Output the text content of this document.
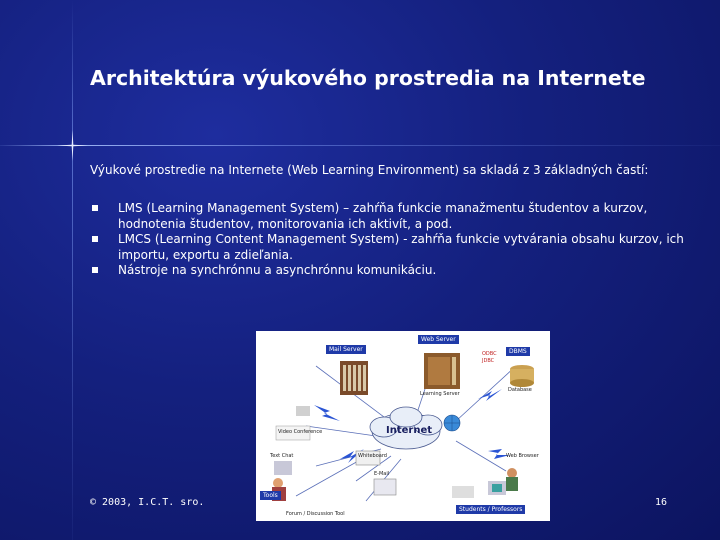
Architektúra výukového prostredia na Internete

Výukové prostredie na Internete (Web Learning Environment) sa skladá z 3 základných častí:

LMS (Learning Management System) – zahŕňa funkcie manažmentu študentov a kurzov, hodnotenia študentov, monitorovania ich aktivít, a pod.
LMCS (Learning Content Management System) - zahŕňa funkcie vytvárania obsahu kurzov, ich importu, exportu a zdieľania.
Nástroje na synchrónnu a asynchrónnu komunikáciu.
Mail Server
Web Server
DBMS
ODBC
JDBC
Database
Learning Server
Internet
Video Conference
Text Chat	Whiteboard	Web Browser
E-Mail
Tools
Forum / Discussion Tool
Students / Professors
© 2003, I.C.T. sro.	16
